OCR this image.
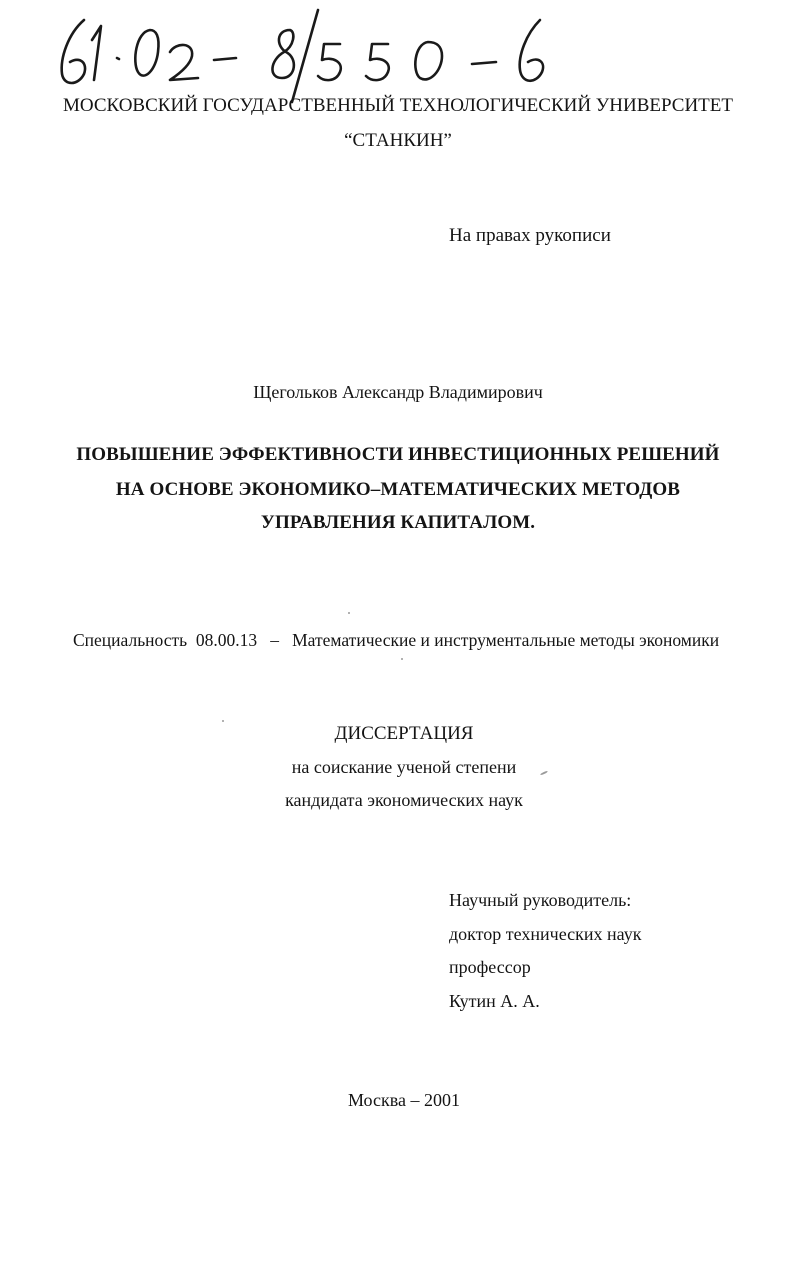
МОСКОВСКИЙ ГОСУДАРСТВЕННЫЙ ТЕХНОЛОГИЧЕСКИЙ УНИВЕРСИТЕТ
“СТАНКИН”
На правах рукописи
Щегольков Александр Владимирович
ПОВЫШЕНИЕ ЭФФЕКТИВНОСТИ ИНВЕСТИЦИОННЫХ РЕШЕНИЙ
НА ОСНОВЕ ЭКОНОМИКО–МАТЕМАТИЧЕСКИХ МЕТОДОВ
УПРАВЛЕНИЯ КАПИТАЛОМ.
Специальность 08.00.13 – Математические и инструментальные методы экономики
ДИССЕРТАЦИЯ
на соискание ученой степени
кандидата экономических наук
Научный руководитель:
доктор технических наук
профессор
Кутин А. А.
Москва – 2001
